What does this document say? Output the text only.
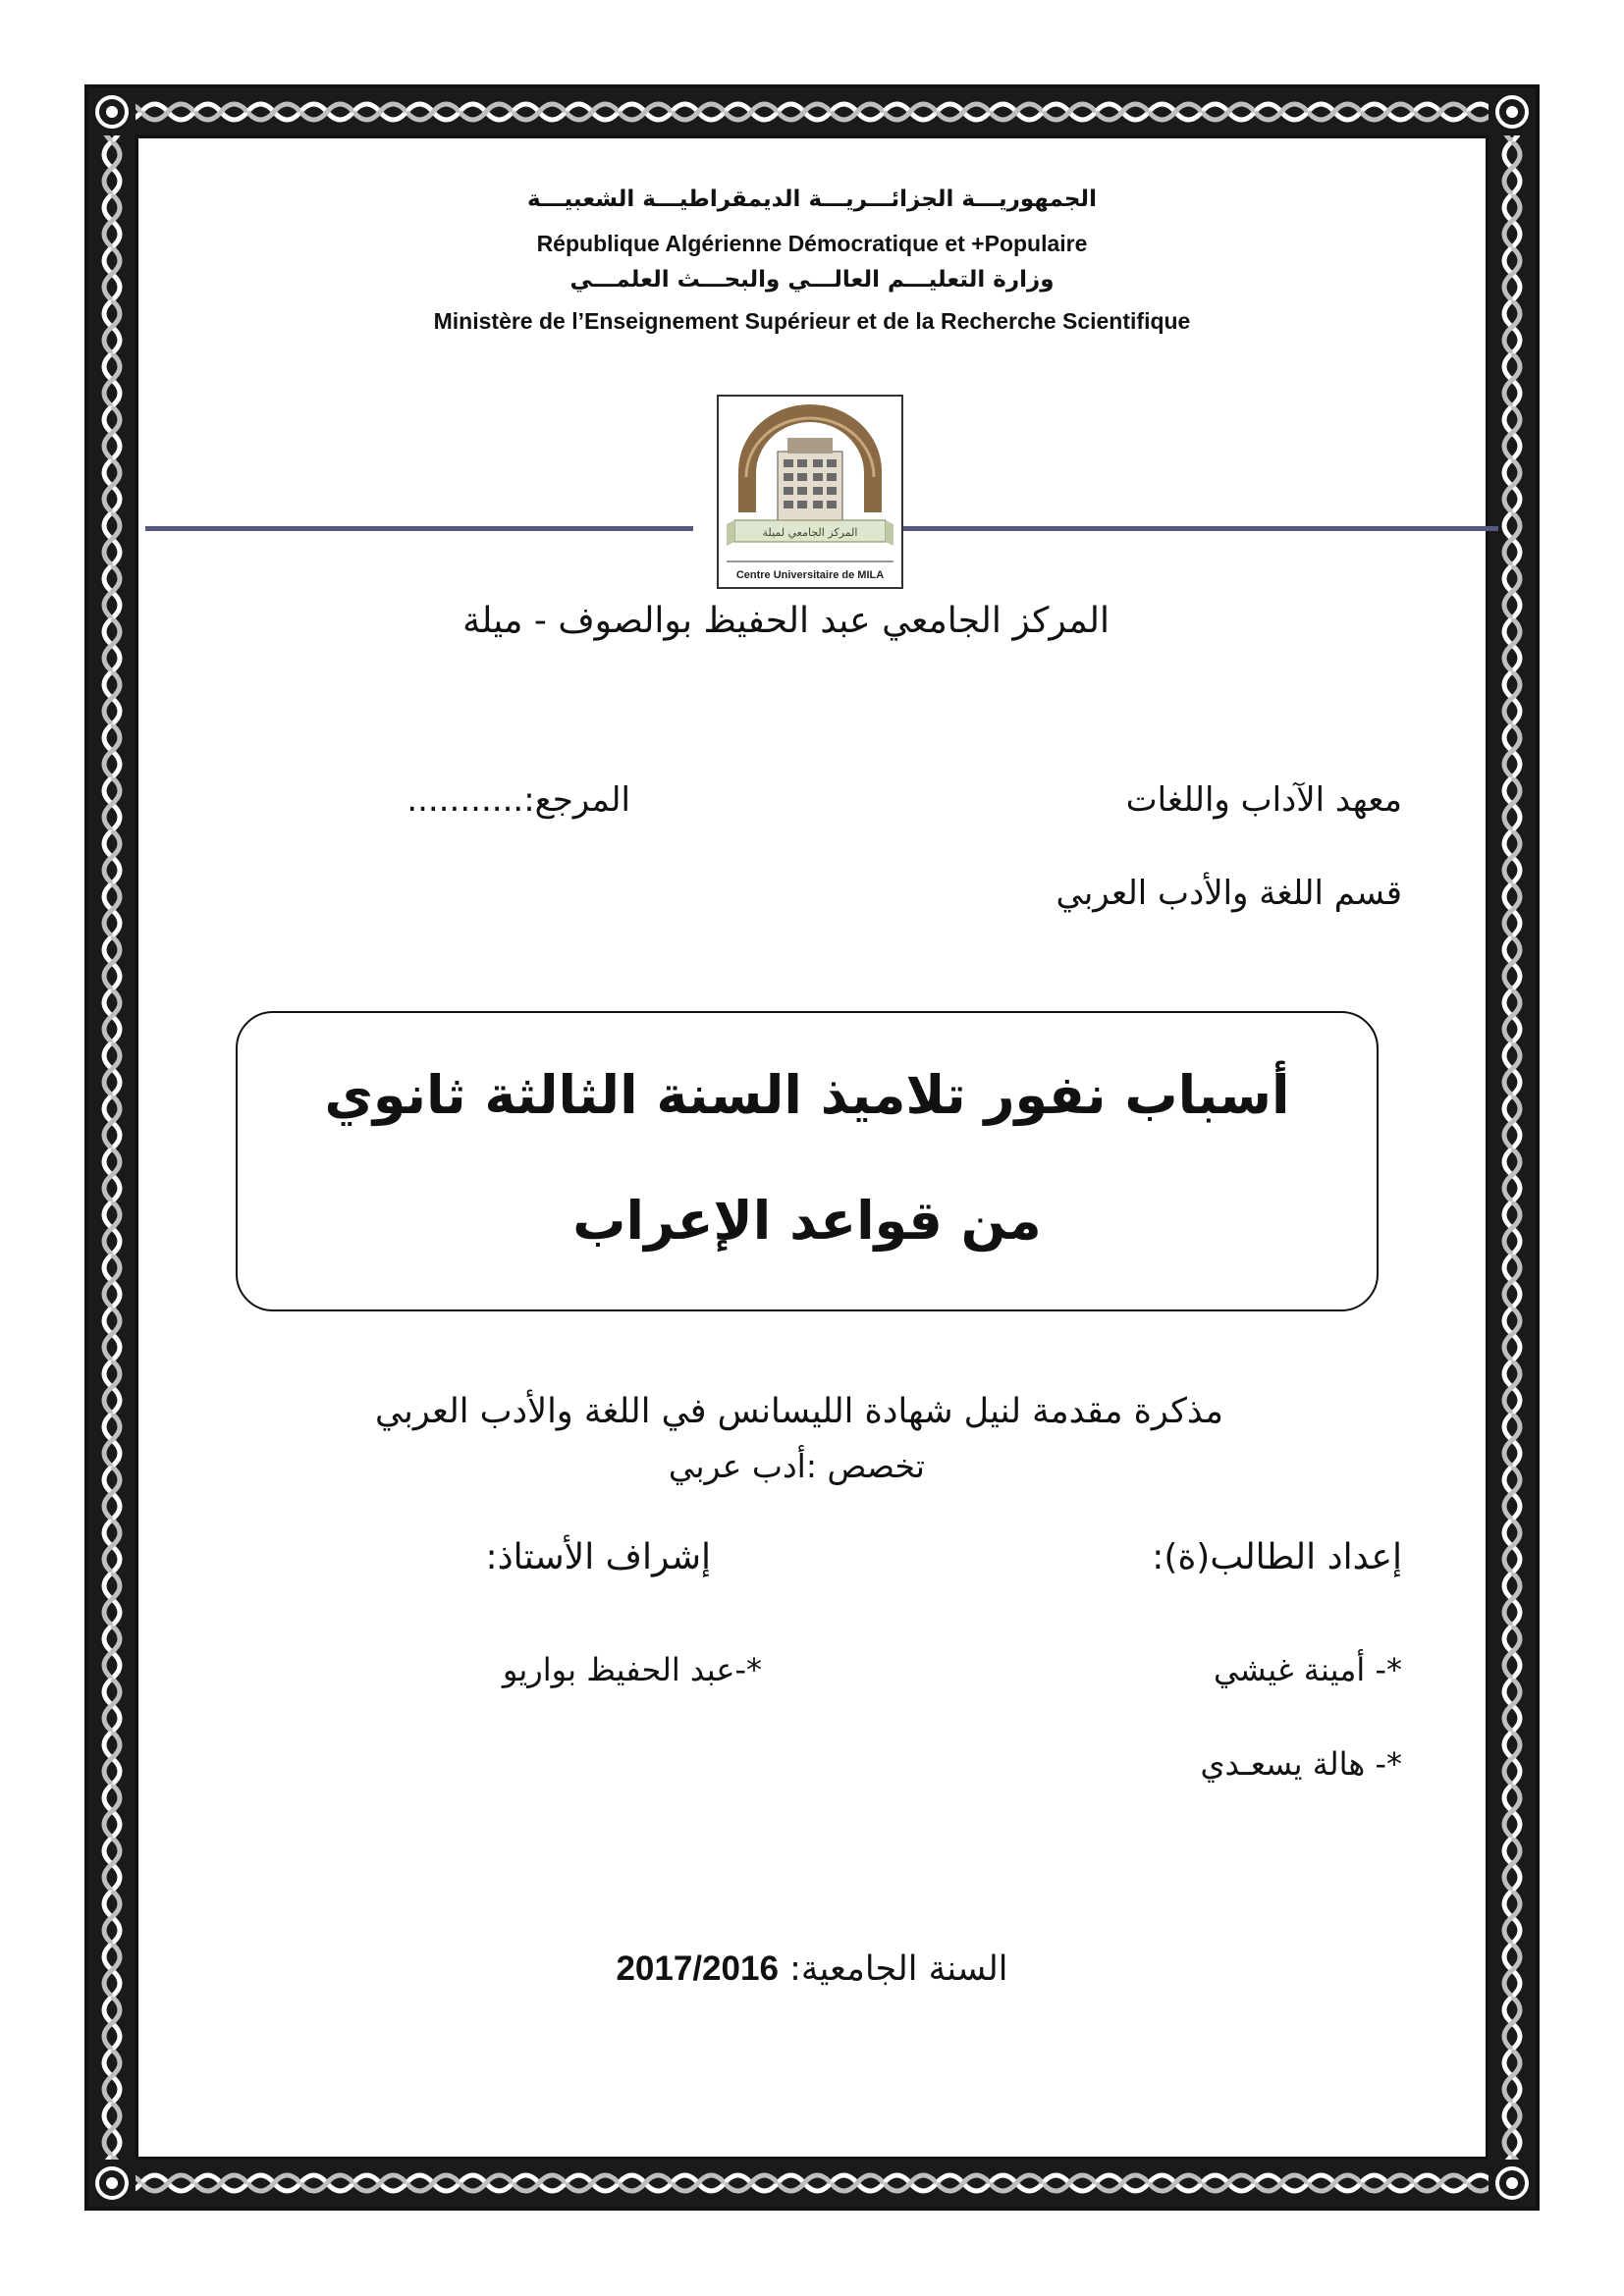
الجمهوريـــة الجزائـــريـــة الديمقراطيـــة الشعبيـــة
République Algérienne Démocratique et +Populaire
وزارة التعليـــم العالـــي والبحـــث العلمـــي
Ministère de l’Enseignement Supérieur et de la Recherche Scientifique
المركز الجامعي لميلة
Centre Universitaire de MILA
المركز الجامعي عبد الحفيظ بوالصوف - ميلة
معهد الآداب واللغات
المرجع:...........
قسم اللغة والأدب العربي
أسباب نفور تلاميذ السنة الثالثة ثانوي
من قواعد الإعراب
مذكرة مقدمة لنيل شهادة الليسانس في اللغة والأدب العربي
تخصص :أدب عربي
إعداد الطالب(ة):
إشراف الأستاذ:
*- أمينة غيشي
*-عبد الحفيظ بواريو
*- هالة يسعـدي
2017/2016 السنة الجامعية:
